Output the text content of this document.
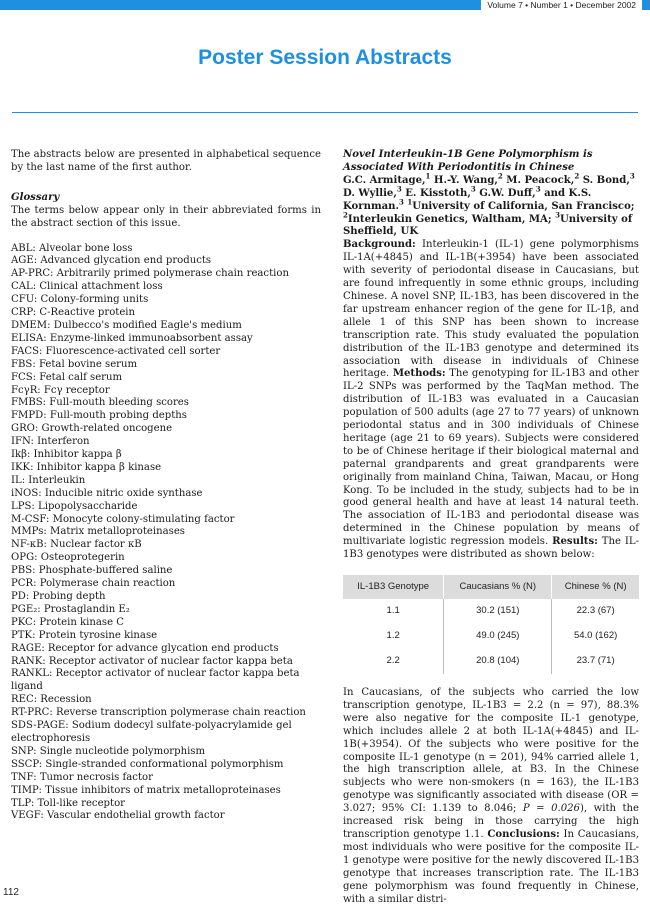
Volume 7 • Number 1 • December 2002
Poster Session Abstracts

The abstracts below are presented in alphabetical sequence by the last name of the first author.

Glossary

The terms below appear only in their abbreviated forms in the abstract section of this issue.

ABL: Alveolar bone loss
AGE: Advanced glycation end products
AP-PRC: Arbitrarily primed polymerase chain reaction
CAL: Clinical attachment loss
CFU: Colony-forming units
CRP: C-Reactive protein
DMEM: Dulbecco's modified Eagle's medium
ELISA: Enzyme-linked immunoabsorbent assay
FACS: Fluorescence-activated cell sorter
FBS: Fetal bovine serum
FCS: Fetal calf serum
FcγR: Fcγ receptor
FMBS: Full-mouth bleeding scores
FMPD: Full-mouth probing depths
GRO: Growth-related oncogene
IFN: Interferon
Ikβ: Inhibitor kappa β
IKK: Inhibitor kappa β kinase
IL: Interleukin
iNOS: Inducible nitric oxide synthase
LPS: Lipopolysaccharide
M-CSF: Monocyte colony-stimulating factor
MMPs: Matrix metalloproteinases
NF-κB: Nuclear factor κB
OPG: Osteoprotegerin
PBS: Phosphate-buffered saline
PCR: Polymerase chain reaction
PD: Probing depth
PGE₂: Prostaglandin E₂
PKC: Protein kinase C
PTK: Protein tyrosine kinase
RAGE: Receptor for advance glycation end products
RANK: Receptor activator of nuclear factor kappa beta
RANKL: Receptor activator of nuclear factor kappa beta ligand
REC: Recession
RT-PRC: Reverse transcription polymerase chain reaction
SDS-PAGE: Sodium dodecyl sulfate-polyacrylamide gel electrophoresis
SNP: Single nucleotide polymorphism
SSCP: Single-stranded conformational polymorphism
TNF: Tumor necrosis factor
TIMP: Tissue inhibitors of matrix metalloproteinases
TLP: Toll-like receptor
VEGF: Vascular endothelial growth factor

Novel Interleukin-1B Gene Polymorphism is Associated With Periodontitis in Chinese

G.C. Armitage,$^1$ H.-Y. Wang,$^2$ M. Peacock,$^2$ S. Bond,$^3$ D. Wyllie,$^3$ E. Kisstoth,$^3$ G.W. Duff,$^3$ and K.S. Kornman.$^3$ $^1$University of California, San Francisco; $^2$Interleukin Genetics, Waltham, MA; $^3$University of Sheffield, UK

Background: Interleukin-1 (IL-1) gene polymorphisms IL-1A(+4845) and IL-1B(+3954) have been associated with severity of periodontal disease in Caucasians, but are found infrequently in some ethnic groups, including Chinese. A novel SNP, IL-1B3, has been discovered in the far upstream enhancer region of the gene for IL-1β, and allele 1 of this SNP has been shown to increase transcription rate. This study evaluated the population distribution of the IL-1B3 genotype and determined its association with disease in individuals of Chinese heritage. Methods: The genotyping for IL-1B3 and other IL-2 SNPs was performed by the TaqMan method. The distribution of IL-1B3 was evaluated in a Caucasian population of 500 adults (age 27 to 77 years) of unknown periodontal status and in 300 individuals of Chinese heritage (age 21 to 69 years). Subjects were considered to be of Chinese heritage if their biological maternal and paternal grandparents and great grandparents were originally from mainland China, Taiwan, Macau, or Hong Kong. To be included in the study, subjects had to be in good general health and have at least 14 natural teeth. The association of IL-1B3 and periodontal disease was determined in the Chinese population by means of multivariate logistic regression models. Results: The IL-1B3 genotypes were distributed as shown below:

IL-1B3 Genotype	Caucasians % (N)	Chinese % (N)
1.1	30.2 (151)	22.3 (67)
1.2	49.0 (245)	54.0 (162)
2.2	20.8 (104)	23.7 (71)

In Caucasians, of the subjects who carried the low transcription genotype, IL-1B3 = 2.2 (n = 97), 88.3% were also negative for the composite IL-1 genotype, which includes allele 2 at both IL-1A(+4845) and IL-1B(+3954). Of the subjects who were positive for the composite IL-1 genotype (n = 201), 94% carried allele 1, the high transcription allele, at B3. In the Chinese subjects who were non-smokers (n = 163), the IL-1B3 genotype was significantly associated with disease (OR = 3.027; 95% CI: 1.139 to 8.046; P = 0.026), with the increased risk being in those carrying the high transcription genotype 1.1. Conclusions: In Caucasians, most individuals who were positive for the composite IL-1 genotype were positive for the newly discovered IL-1B3 genotype that increases transcription rate. The IL-1B3 gene polymorphism was found frequently in Chinese, with a similar distri-

112
